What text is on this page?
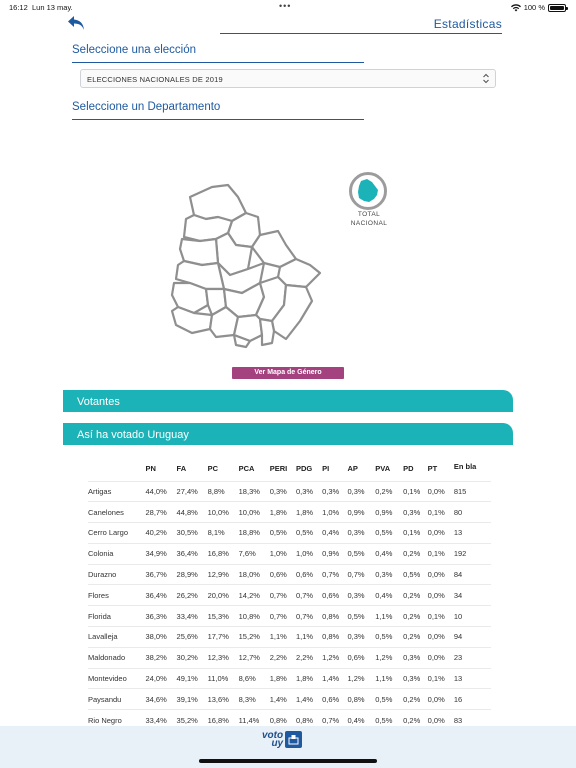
16:12 Lun 13 may.	•••	100 %
Estadísticas
Seleccione una elección
ELECCIONES NACIONALES DE 2019
Seleccione un Departamento
TOTAL
NACIONAL
Ver Mapa de Género
Votantes
Así ha votado Uruguay
	PN	FA	PC	PCA	PERI	PDG	PI	AP	PVA	PD	PT	En bla
Artigas	44,0%	27,4%	8,8%	18,3%	0,3%	0,3%	0,3%	0,3%	0,2%	0,1%	0,0%	815
Canelones	28,7%	44,8%	10,0%	10,0%	1,8%	1,8%	1,0%	0,9%	0,9%	0,3%	0,1%	80
Cerro Largo	40,2%	30,5%	8,1%	18,8%	0,5%	0,5%	0,4%	0,3%	0,5%	0,1%	0,0%	13
Colonia	34,9%	36,4%	16,8%	7,6%	1,0%	1,0%	0,9%	0,5%	0,4%	0,2%	0,1%	192
Durazno	36,7%	28,9%	12,9%	18,0%	0,6%	0,6%	0,7%	0,7%	0,3%	0,5%	0,0%	84
Flores	36,4%	26,2%	20,0%	14,2%	0,7%	0,7%	0,6%	0,3%	0,4%	0,2%	0,0%	34
Florida	36,3%	33,4%	15,3%	10,8%	0,7%	0,7%	0,8%	0,5%	1,1%	0,2%	0,1%	10
Lavalleja	38,0%	25,6%	17,7%	15,2%	1,1%	1,1%	0,8%	0,3%	0,5%	0,2%	0,0%	94
Maldonado	38,2%	30,2%	12,3%	12,7%	2,2%	2,2%	1,2%	0,6%	1,2%	0,3%	0,0%	23
Montevideo	24,0%	49,1%	11,0%	8,6%	1,8%	1,8%	1,4%	1,2%	1,1%	0,3%	0,1%	13
Paysandu	34,6%	39,1%	13,6%	8,3%	1,4%	1,4%	0,6%	0,8%	0,5%	0,2%	0,0%	16
Rio Negro	33,4%	35,2%	16,8%	11,4%	0,8%	0,8%	0,7%	0,4%	0,5%	0,2%	0,0%	83
voto
uy
